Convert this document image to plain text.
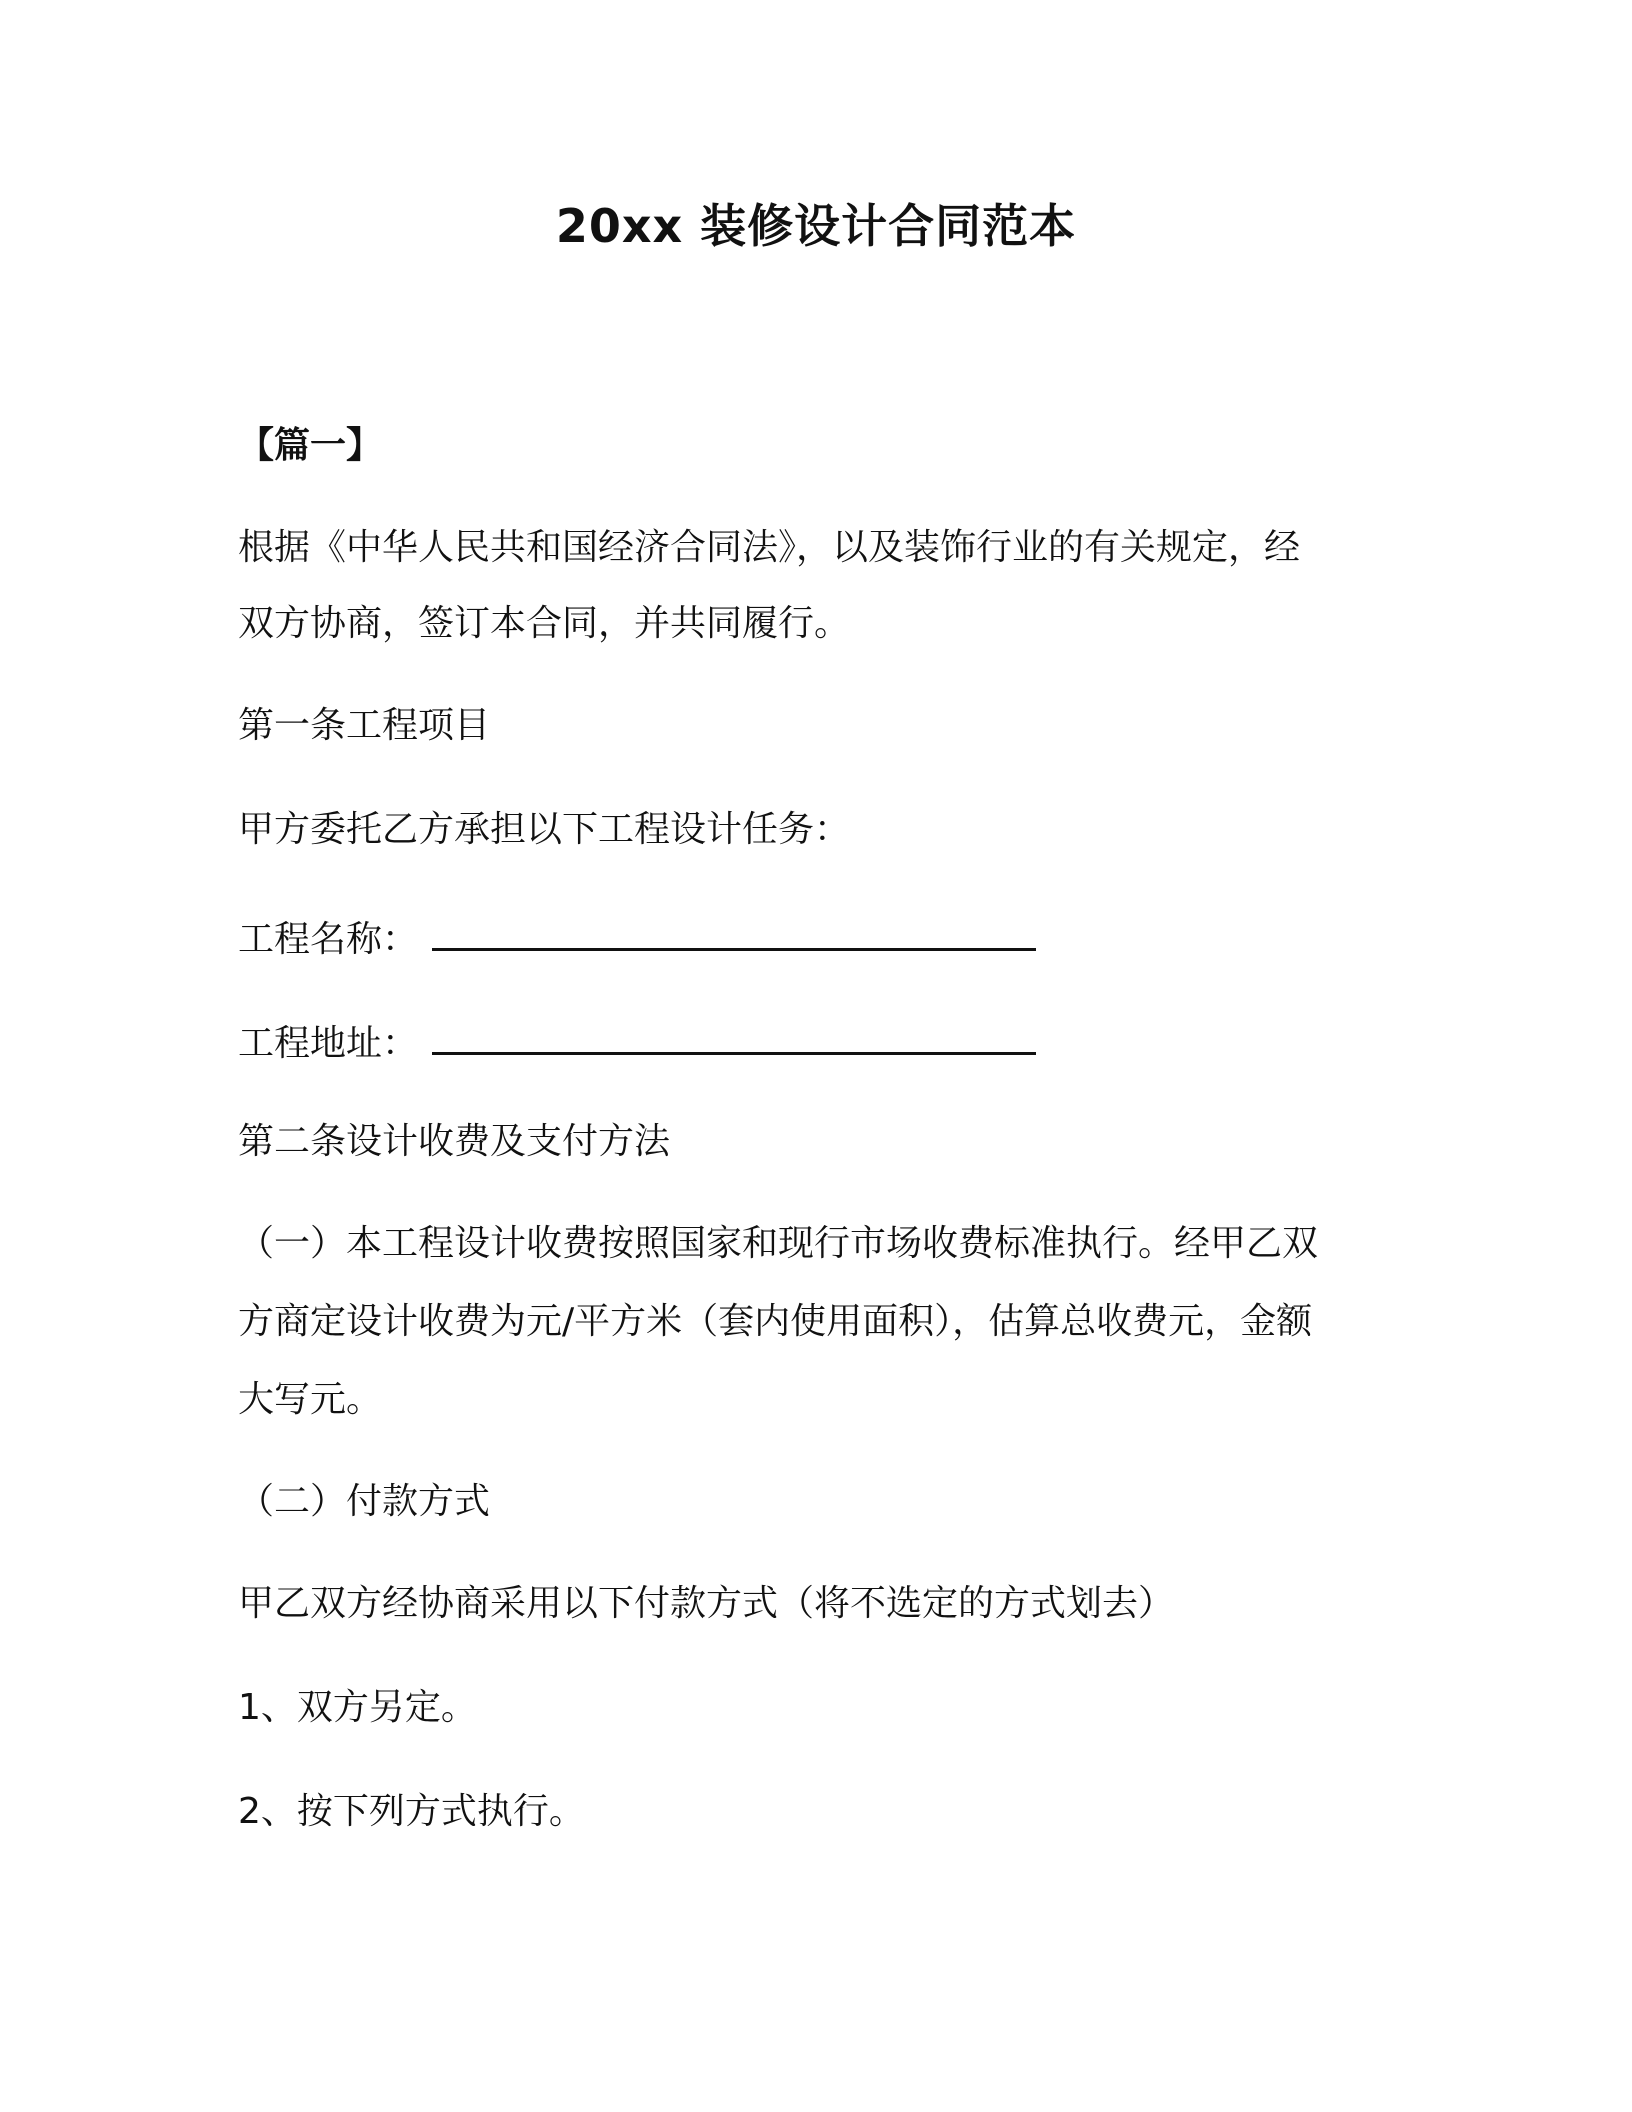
20xx 装修设计合同范本
【篇一】
根据《中华人民共和国经济合同法》，以及装饰行业的有关规定，经
双方协商，签订本合同，并共同履行。
第一条工程项目
甲方委托乙方承担以下工程设计任务：
工程名称：
工程地址：
第二条设计收费及支付方法
（一）本工程设计收费按照国家和现行市场收费标准执行。经甲乙双
方商定设计收费为元/平方米（套内使用面积），估算总收费元，金额
大写元。
（二）付款方式
甲乙双方经协商采用以下付款方式（将不选定的方式划去）
1、双方另定。
2、按下列方式执行。
